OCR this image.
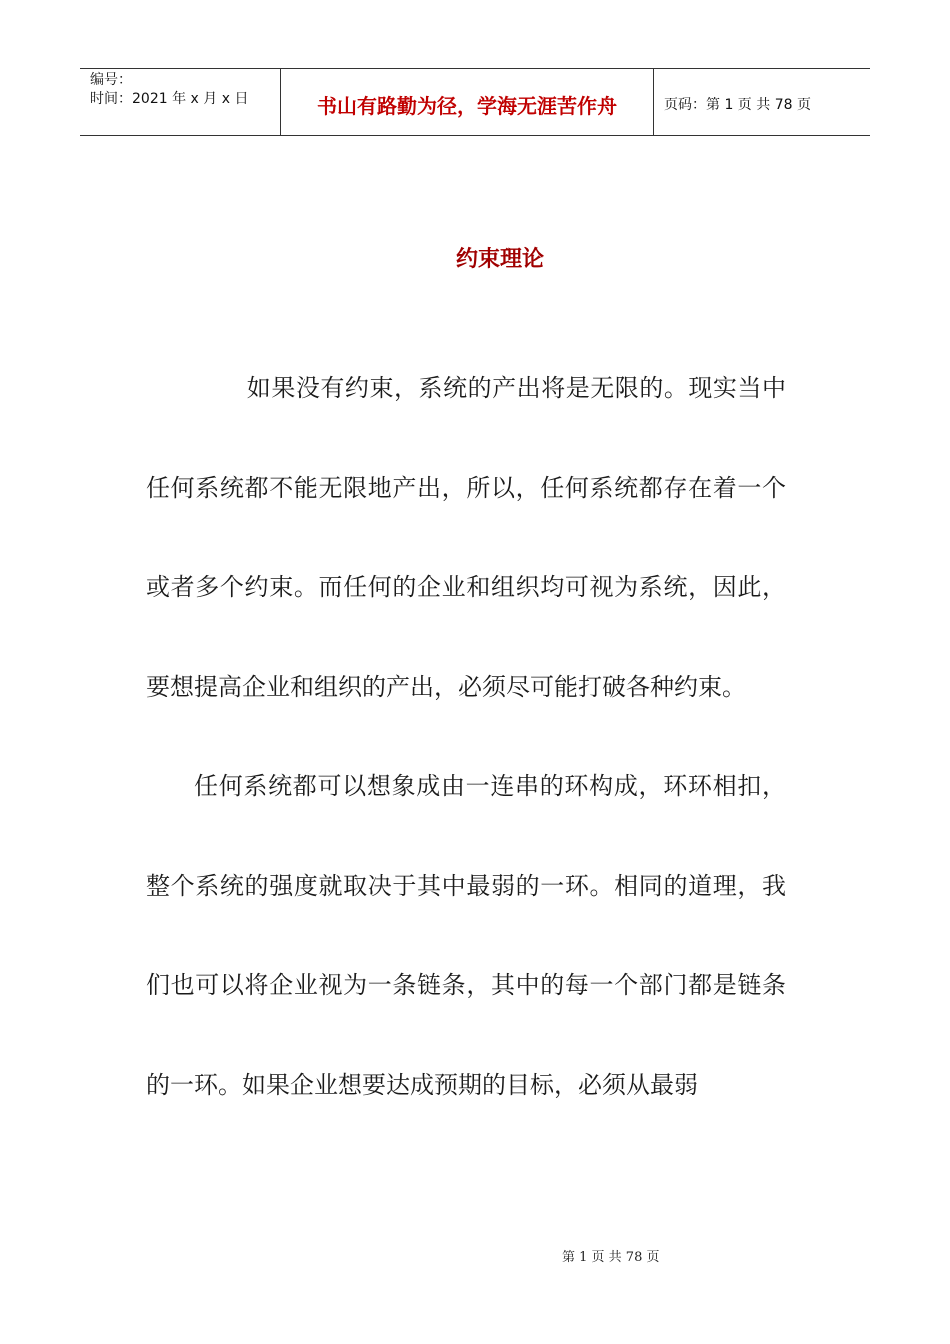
编号：
时间：2021 年 x 月 x 日	书山有路勤为径，学海无涯苦作舟	页码：第 1 页 共 78 页
约束理论

如果没有约束，系统的产出将是无限的。现实当中任何系统都不能无限地产出，所以，任何系统都存在着一个或者多个约束。而任何的企业和组织均可视为系统，因此，要想提高企业和组织的产出，必须尽可能打破各种约束。

任何系统都可以想象成由一连串的环构成，环环相扣，整个系统的强度就取决于其中最弱的一环。相同的道理，我们也可以将企业视为一条链条，其中的每一个部门都是链条的一环。如果企业想要达成预期的目标，必须从最弱

第 1 页 共 78 页
